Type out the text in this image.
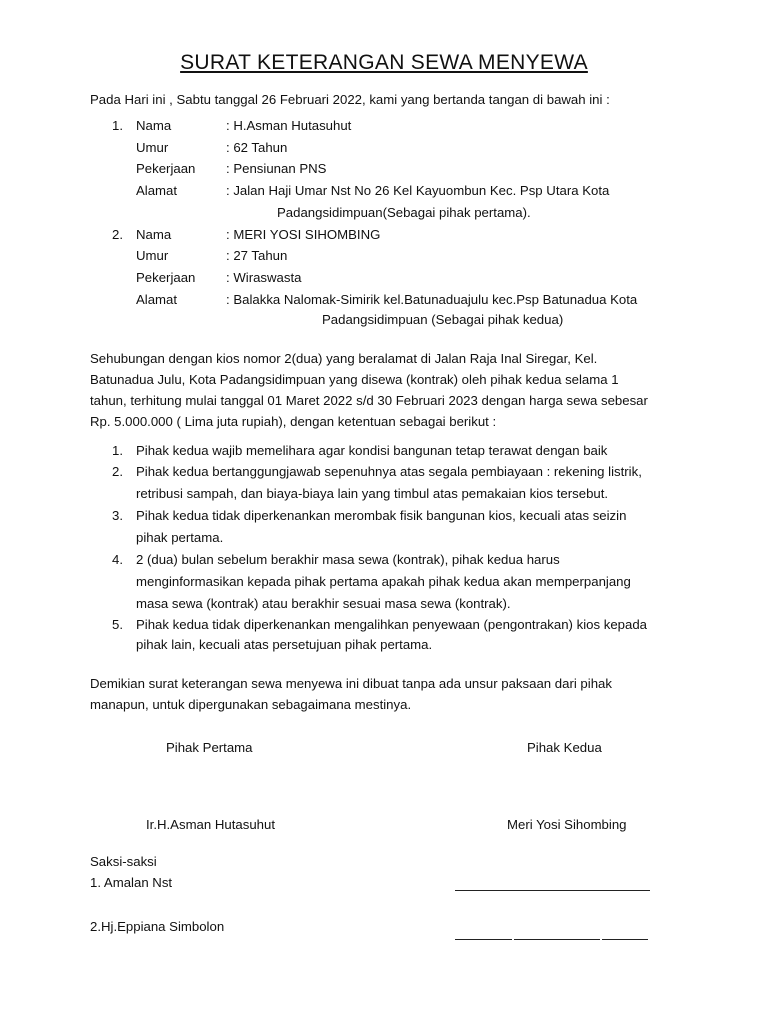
SURAT KETERANGAN SEWA MENYEWA
Pada Hari ini , Sabtu tanggal 26 Februari 2022, kami yang bertanda tangan di bawah ini :
1. Nama	: H.Asman Hutasuhut
Umur	: 62 Tahun
Pekerjaan : Pensiunan PNS
Alamat	: Jalan Haji Umar Nst No 26 Kel Kayuombun Kec. Psp Utara Kota
Padangsidimpuan(Sebagai pihak pertama).
2. Nama	: MERI YOSI SIHOMBING
Umur	: 27 Tahun
Pekerjaan : Wiraswasta
Alamat	: Balakka Nalomak-Simirik kel.Batunaduajulu kec.Psp Batunadua Kota
Padangsidimpuan (Sebagai pihak kedua)
Sehubungan dengan kios nomor 2(dua) yang beralamat di Jalan Raja Inal Siregar, Kel.
Batunadua Julu, Kota Padangsidimpuan yang disewa (kontrak) oleh pihak kedua selama 1
tahun, terhitung mulai tanggal 01 Maret 2022 s/d 30 Februari 2023 dengan harga sewa sebesar
Rp. 5.000.000 ( Lima juta rupiah), dengan ketentuan sebagai berikut :
1. Pihak kedua wajib memelihara agar kondisi bangunan tetap terawat dengan baik
2. Pihak kedua bertanggungjawab sepenuhnya atas segala pembiayaan : rekening listrik,
retribusi sampah, dan biaya-biaya lain yang timbul atas pemakaian kios tersebut.
3. Pihak kedua tidak diperkenankan merombak fisik bangunan kios, kecuali atas seizin
pihak pertama.
4. 2 (dua) bulan sebelum berakhir masa sewa (kontrak), pihak kedua harus
menginformasikan kepada pihak pertama apakah pihak kedua akan memperpanjang
masa sewa (kontrak) atau berakhir sesuai masa sewa (kontrak).
5. Pihak kedua tidak diperkenankan mengalihkan penyewaan (pengontrakan) kios kepada
pihak lain, kecuali atas persetujuan pihak pertama.
Demikian surat keterangan sewa menyewa ini dibuat tanpa ada unsur paksaan dari pihak
manapun, untuk dipergunakan sebagaimana mestinya.
Pihak Pertama	Pihak Kedua
Ir.H.Asman Hutasuhut	Meri Yosi Sihombing
Saksi-saksi
1. Amalan Nst
2.Hj.Eppiana Simbolon
